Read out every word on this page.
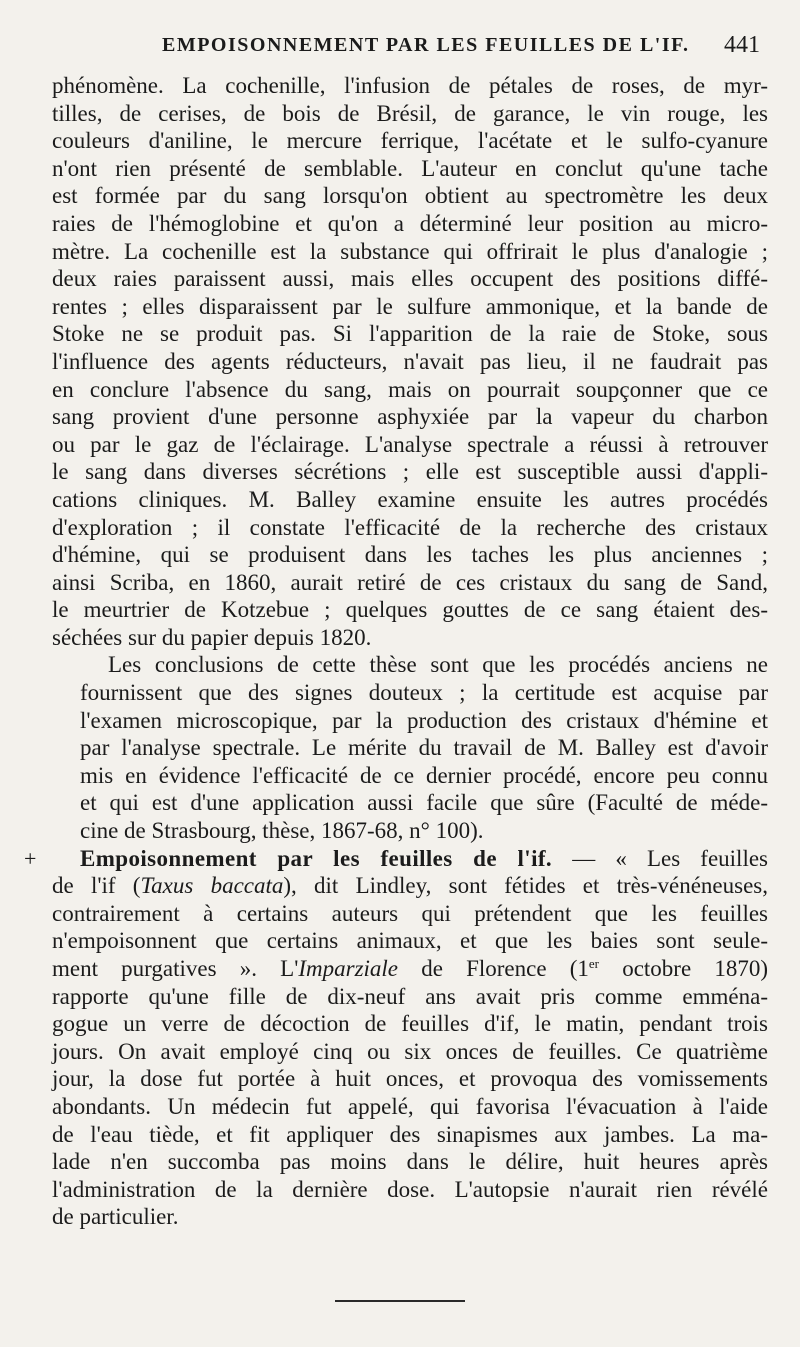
EMPOISONNEMENT PAR LES FEUILLES DE L'IF. 441

phénomène. La cochenille, l'infusion de pétales de roses, de myr-
tilles, de cerises, de bois de Brésil, de garance, le vin rouge, les
couleurs d'aniline, le mercure ferrique, l'acétate et le sulfo-cyanure
n'ont rien présenté de semblable. L'auteur en conclut qu'une tache
est formée par du sang lorsqu'on obtient au spectromètre les deux
raies de l'hémoglobine et qu'on a déterminé leur position au micro-
mètre. La cochenille est la substance qui offrirait le plus d'analogie ;
deux raies paraissent aussi, mais elles occupent des positions diffé-
rentes ; elles disparaissent par le sulfure ammonique, et la bande de
Stoke ne se produit pas. Si l'apparition de la raie de Stoke, sous
l'influence des agents réducteurs, n'avait pas lieu, il ne faudrait pas
en conclure l'absence du sang, mais on pourrait soupçonner que ce
sang provient d'une personne asphyxiée par la vapeur du charbon
ou par le gaz de l'éclairage. L'analyse spectrale a réussi à retrouver
le sang dans diverses sécrétions ; elle est susceptible aussi d'appli-
cations cliniques. M. Balley examine ensuite les autres procédés
d'exploration ; il constate l'efficacité de la recherche des cristaux
d'hémine, qui se produisent dans les taches les plus anciennes ;
ainsi Scriba, en 1860, aurait retiré de ces cristaux du sang de Sand,
le meurtrier de Kotzebue ; quelques gouttes de ce sang étaient des-
séchées sur du papier depuis 1820.

Les conclusions de cette thèse sont que les procédés anciens ne
fournissent que des signes douteux ; la certitude est acquise par
l'examen microscopique, par la production des cristaux d'hémine et
par l'analyse spectrale. Le mérite du travail de M. Balley est d'avoir
mis en évidence l'efficacité de ce dernier procédé, encore peu connu
et qui est d'une application aussi facile que sûre (Faculté de méde-
cine de Strasbourg, thèse, 1867-68, n° 100).

+	Empoisonnement par les feuilles de l'if. — « Les feuilles
de l'if (Taxus baccata), dit Lindley, sont fétides et très-vénéneuses,
contrairement à certains auteurs qui prétendent que les feuilles
n'empoisonnent que certains animaux, et que les baies sont seule-
ment purgatives ». L'Imparziale de Florence (1er octobre 1870)
rapporte qu'une fille de dix-neuf ans avait pris comme emména-
gogue un verre de décoction de feuilles d'if, le matin, pendant trois
jours. On avait employé cinq ou six onces de feuilles. Ce quatrième
jour, la dose fut portée à huit onces, et provoqua des vomissements
abondants. Un médecin fut appelé, qui favorisa l'évacuation à l'aide
de l'eau tiède, et fit appliquer des sinapismes aux jambes. La ma-
lade n'en succomba pas moins dans le délire, huit heures après
l'administration de la dernière dose. L'autopsie n'aurait rien révélé
de particulier.
